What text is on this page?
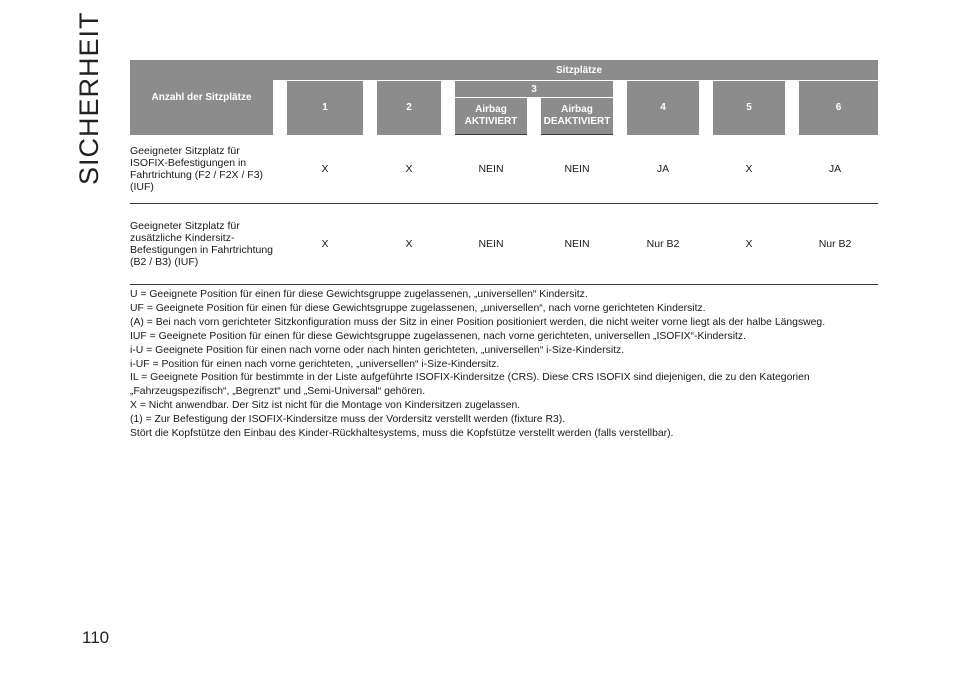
SICHERHEIT	Anzahl der Sitzplätze	Sitzplätze						
	1	2	3		4	5	6
			Airbag AKTIVIERT	Airbag DEAKTIVIERT			
Geeigneter Sitzplatz für ISOFIX-Befestigungen in Fahrtrichtung (F2 / F2X / F3) (IUF)	X	X	NEIN	NEIN	JA	X	JA
Geeigneter Sitzplatz für zusätzliche Kindersitz-Befestigungen in Fahrtrichtung (B2 / B3) (IUF)	X	X	NEIN	NEIN	Nur B2	X	Nur B2
U = Geeignete Position für einen für diese Gewichtsgruppe zugelassenen, „universellen“ Kindersitz.
UF = Geeignete Position für einen für diese Gewichtsgruppe zugelassenen, „universellen“, nach vorne gerichteten Kindersitz.
(A) = Bei nach vorn gerichteter Sitzkonfiguration muss der Sitz in einer Position positioniert werden, die nicht weiter vorne liegt als der halbe Längsweg.
IUF = Geeignete Position für einen für diese Gewichtsgruppe zugelassenen, nach vorne gerichteten, universellen „ISOFIX“-Kindersitz.
i-U = Geeignete Position für einen nach vorne oder nach hinten gerichteten, „universellen“ i-Size-Kindersitz.
i-UF = Position für einen nach vorne gerichteten, „universellen“ i-Size-Kindersitz.
IL = Geeignete Position für bestimmte in der Liste aufgeführte ISOFIX-Kindersitze (CRS). Diese CRS ISOFIX sind diejenigen, die zu den Kategorien „Fahrzeugspezifisch“, „Begrenzt“ und „Semi-Universal“ gehören.
X = Nicht anwendbar. Der Sitz ist nicht für die Montage von Kindersitzen zugelassen.
(1) = Zur Befestigung der ISOFIX-Kindersitze muss der Vordersitz verstellt werden (fixture R3).
Stört die Kopfstütze den Einbau des Kinder-Rückhaltesystems, muss die Kopfstütze verstellt werden (falls verstellbar).
110
